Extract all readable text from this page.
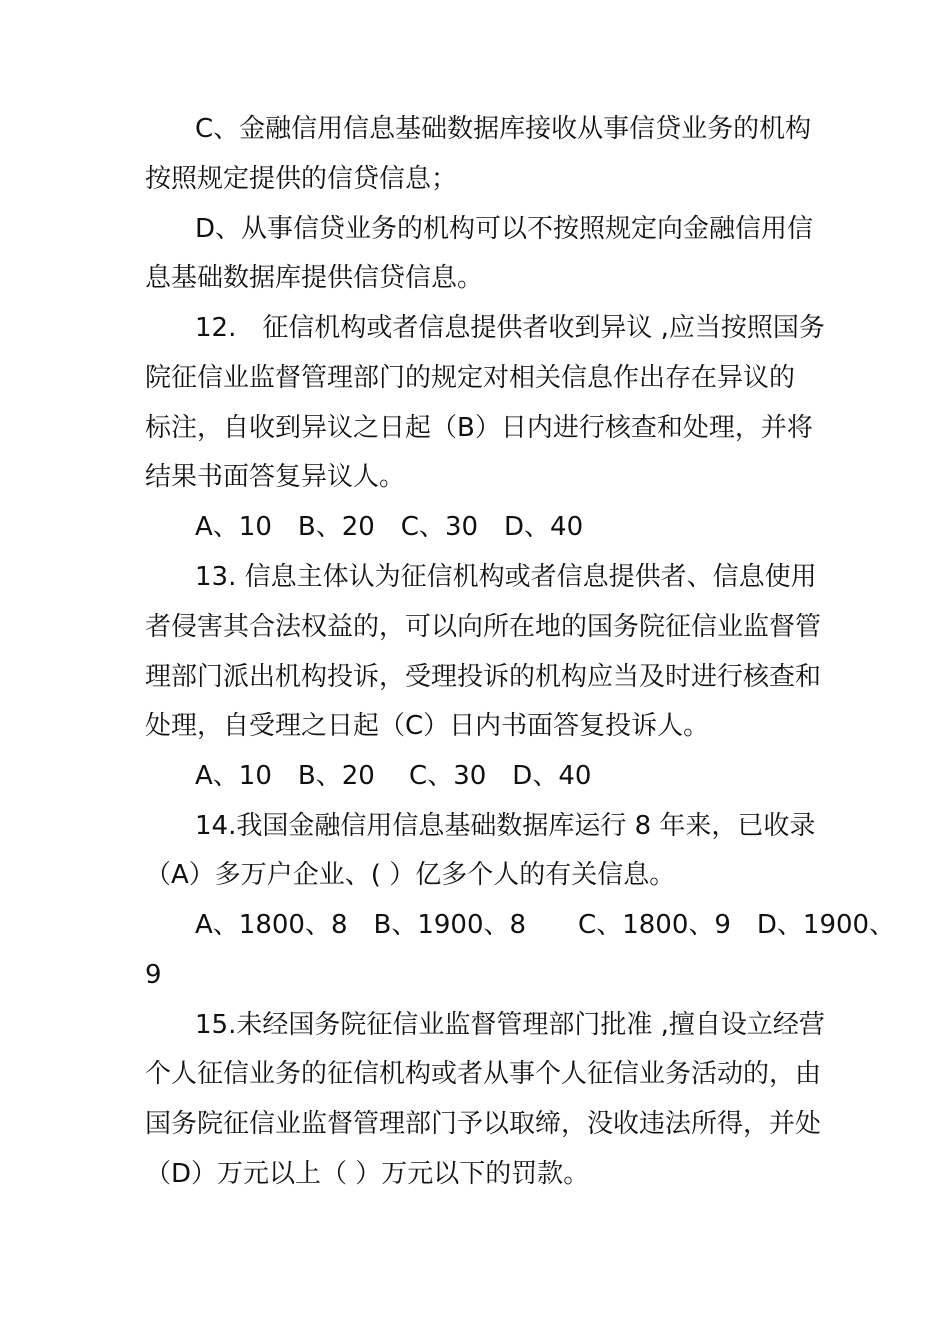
C、金融信用信息基础数据库接收从事信贷业务的机构
按照规定提供的信贷信息；
D、从事信贷业务的机构可以不按照规定向金融信用信
息基础数据库提供信贷信息。
12.　征信机构或者信息提供者收到异议 ,应当按照国务
院征信业监督管理部门的规定对相关信息作出存在异议的
标注，自收到异议之日起（B）日内进行核查和处理，并将
结果书面答复异议人。
A、10　B、20　C、30　D、40
13. 信息主体认为征信机构或者信息提供者、信息使用
者侵害其合法权益的，可以向所在地的国务院征信业监督管
理部门派出机构投诉，受理投诉的机构应当及时进行核查和
处理，自受理之日起（C）日内书面答复投诉人。
A、10　B、20　 C、30　D、40
14.我国金融信用信息基础数据库运行 8 年来，已收录
（A）多万户企业、( ）亿多个人的有关信息。
A、1800、8　B、1900、8　　C、1800、9　D、1900、
9
15.未经国务院征信业监督管理部门批准 ,擅自设立经营
个人征信业务的征信机构或者从事个人征信业务活动的，由
国务院征信业监督管理部门予以取缔，没收违法所得，并处
（D）万元以上（ ）万元以下的罚款。
